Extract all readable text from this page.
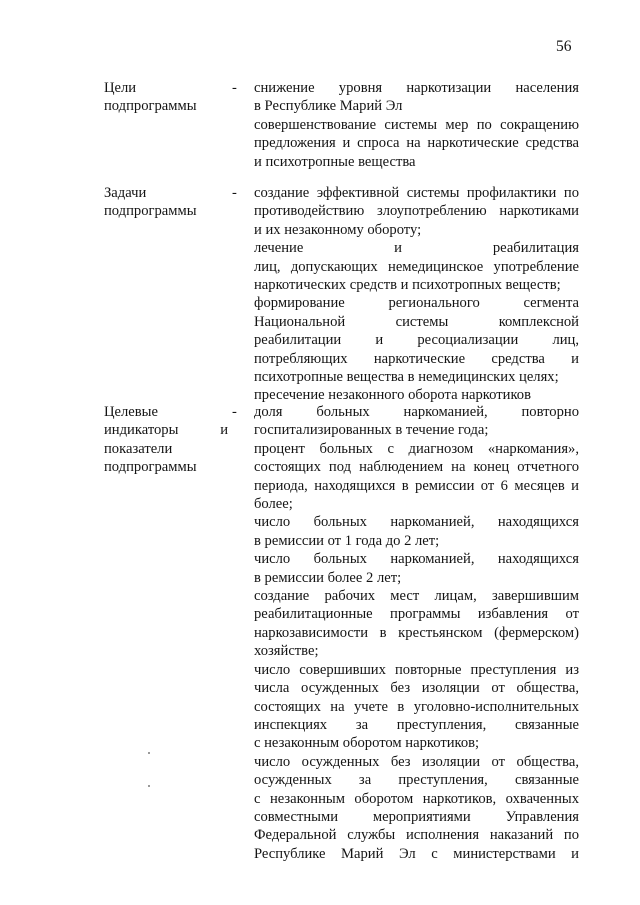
56
Цели
подпрограммы
- снижение уровня наркотизации населения
в Республике Марий Эл
совершенствование системы мер по сокращению
предложения и спроса на наркотические средства
и психотропные вещества
Задачи
подпрограммы
- создание эффективной системы профилактики по
противодействию злоупотреблению наркотиками
и их незаконному обороту;
лечение и реабилитация
лиц, допускающих немедицинское употребление
наркотических средств и психотропных веществ;
формирование регионального сегмента
Национальной системы комплексной
реабилитации и ресоциализации лиц,
потребляющих наркотические средства и
психотропные вещества в немедицинских целях;
пресечение незаконного оборота наркотиков
Целевые
индикаторы	и
показатели
подпрограммы
- доля больных наркоманией, повторно
госпитализированных в течение года;
процент больных с диагнозом «наркомания»,
состоящих под наблюдением на конец отчетного
периода, находящихся в ремиссии от 6 месяцев и
более;
число больных наркоманией, находящихся
в ремиссии от 1 года до 2 лет;
число больных наркоманией, находящихся
в ремиссии более 2 лет;
создание рабочих мест лицам, завершившим
реабилитационные программы избавления от
наркозависимости в крестьянском (фермерском)
хозяйстве;
число совершивших повторные преступления из
числа осужденных без изоляции от общества,
состоящих на учете в уголовно-исполнительных
инспекциях за преступления, связанные
с незаконным оборотом наркотиков;
число осужденных без изоляции от общества,
осужденных за преступления, связанные
с незаконным оборотом наркотиков, охваченных
совместными мероприятиями Управления
Федеральной службы исполнения наказаний по
Республике Марий Эл с министерствами и
